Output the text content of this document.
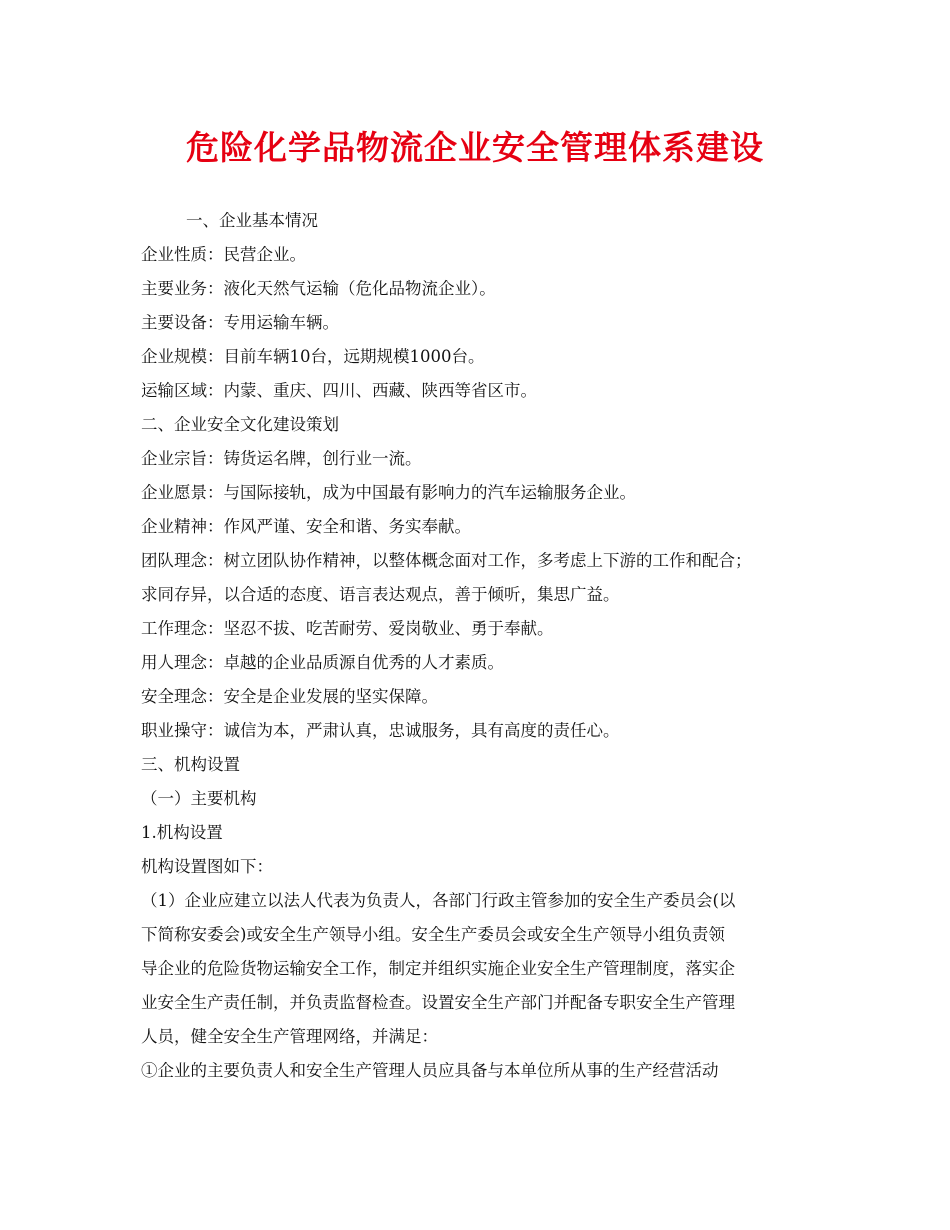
危险化学品物流企业安全管理体系建设
一、企业基本情况
企业性质：民营企业。
主要业务：液化天然气运输（危化品物流企业）。
主要设备：专用运输车辆。
企业规模：目前车辆10台，远期规模1000台。
运输区域：内蒙、重庆、四川、西藏、陕西等省区市。
二、企业安全文化建设策划
企业宗旨：铸货运名牌，创行业一流。
企业愿景：与国际接轨，成为中国最有影响力的汽车运输服务企业。
企业精神：作风严谨、安全和谐、务实奉献。
团队理念：树立团队协作精神，以整体概念面对工作，多考虑上下游的工作和配合；
求同存异，以合适的态度、语言表达观点，善于倾听，集思广益。
工作理念：坚忍不拔、吃苦耐劳、爱岗敬业、勇于奉献。
用人理念：卓越的企业品质源自优秀的人才素质。
安全理念：安全是企业发展的坚实保障。
职业操守：诚信为本，严肃认真，忠诚服务，具有高度的责任心。
三、机构设置
（一）主要机构
1.机构设置
机构设置图如下：
（1）企业应建立以法人代表为负责人，各部门行政主管参加的安全生产委员会(以
下简称安委会)或安全生产领导小组。安全生产委员会或安全生产领导小组负责领
导企业的危险货物运输安全工作，制定并组织实施企业安全生产管理制度，落实企
业安全生产责任制，并负责监督检查。设置安全生产部门并配备专职安全生产管理
人员，健全安全生产管理网络，并满足：
①企业的主要负责人和安全生产管理人员应具备与本单位所从事的生产经营活动
